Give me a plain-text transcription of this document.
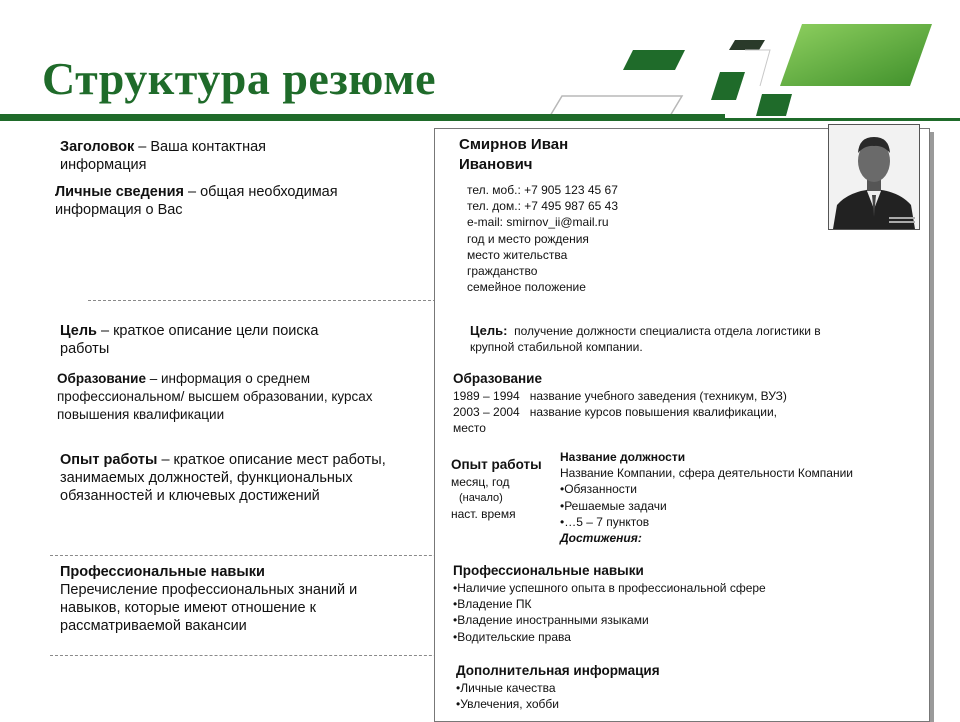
Структура резюме
Заголовок – Ваша контактная информация
Личные сведения – общая необходимая информация о Вас
Цель – краткое описание цели поиска работы
Образование – информация о среднем профессиональном/ высшем образовании, курсах повышения квалификации
Опыт работы – краткое описание мест работы, занимаемых должностей, функциональных обязанностей и ключевых достижений
Профессиональные навыки
Перечисление профессиональных знаний и навыков, которые имеют отношение к рассматриваемой вакансии
Смирнов Иван
Иванович
тел. моб.: +7 905 123 45 67
тел. дом.: +7 495 987 65 43
e-mail: smirnov_ii@mail.ru
год и место рождения
место жительства
гражданство
семейное положение
Цель: получение должности специалиста отдела логистики в
крупной стабильной компании.
Образование
1989 – 1994 название учебного заведения (техникум, ВУЗ)
2003 – 2004 название курсов повышения квалификации,
место
Опыт работы
месяц, год
(начало)
наст. время
Название должности
Название Компании, сфера деятельности Компании
•Обязанности
•Решаемые задачи
•…5 – 7 пунктов
Достижения:
Профессиональные навыки
•Наличие успешного опыта в профессиональной сфере
•Владение ПК
•Владение иностранными языками
•Водительские права
Дополнительная информация
•Личные качества
•Увлечения, хобби
